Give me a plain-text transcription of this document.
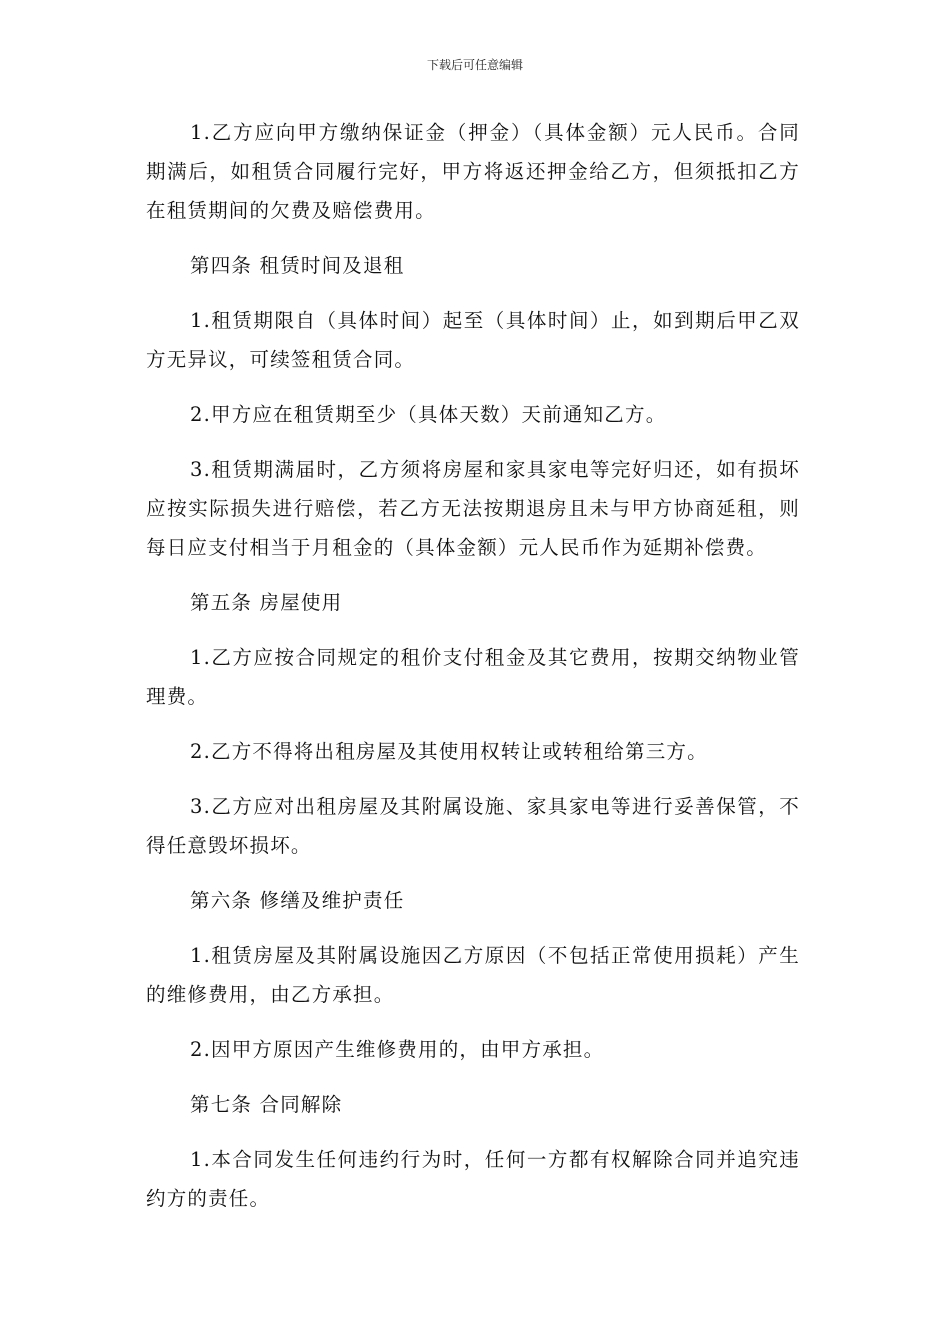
下载后可任意编辑

1.乙方应向甲方缴纳保证金（押金）（具体金额）元人民币。合同期满后，如租赁合同履行完好，甲方将返还押金给乙方，但须抵扣乙方在租赁期间的欠费及赔偿费用。

第四条 租赁时间及退租

1.租赁期限自（具体时间）起至（具体时间）止，如到期后甲乙双方无异议，可续签租赁合同。

2.甲方应在租赁期至少（具体天数）天前通知乙方。

3.租赁期满届时，乙方须将房屋和家具家电等完好归还，如有损坏应按实际损失进行赔偿，若乙方无法按期退房且未与甲方协商延租，则每日应支付相当于月租金的（具体金额）元人民币作为延期补偿费。

第五条 房屋使用

1.乙方应按合同规定的租价支付租金及其它费用，按期交纳物业管理费。

2.乙方不得将出租房屋及其使用权转让或转租给第三方。

3.乙方应对出租房屋及其附属设施、家具家电等进行妥善保管，不得任意毁坏损坏。

第六条 修缮及维护责任

1.租赁房屋及其附属设施因乙方原因（不包括正常使用损耗）产生的维修费用，由乙方承担。

2.因甲方原因产生维修费用的，由甲方承担。

第七条 合同解除

1.本合同发生任何违约行为时，任何一方都有权解除合同并追究违约方的责任。
